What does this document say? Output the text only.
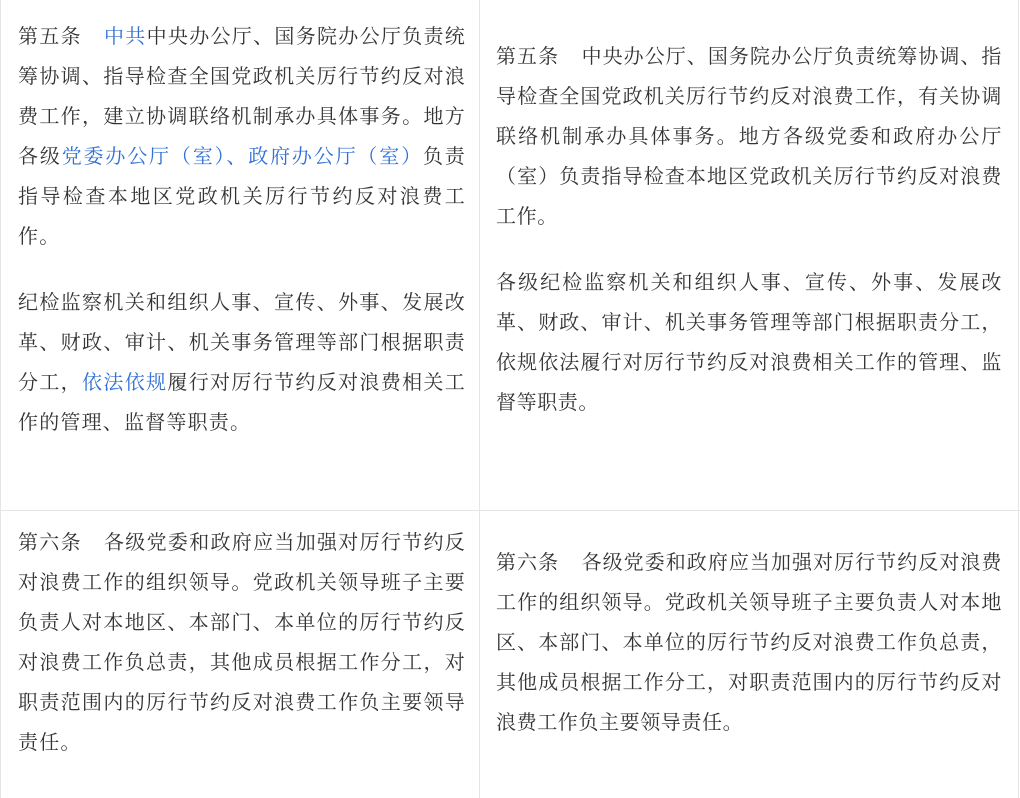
第五条 中共中央办公厅、国务院办公厅负责统筹协调、指导检查全国党政机关厉行节约反对浪费工作，建立协调联络机制承办具体事务。地方各级党委办公厅（室）、政府办公厅（室）负责指导检查本地区党政机关厉行节约反对浪费工作。

纪检监察机关和组织人事、宣传、外事、发展改革、财政、审计、机关事务管理等部门根据职责分工，依法依规履行对厉行节约反对浪费相关工作的管理、监督等职责。

第五条 中央办公厅、国务院办公厅负责统筹协调、指导检查全国党政机关厉行节约反对浪费工作，有关协调联络机制承办具体事务。地方各级党委和政府办公厅（室）负责指导检查本地区党政机关厉行节约反对浪费工作。

各级纪检监察机关和组织人事、宣传、外事、发展改革、财政、审计、机关事务管理等部门根据职责分工，依规依法履行对厉行节约反对浪费相关工作的管理、监督等职责。

第六条 各级党委和政府应当加强对厉行节约反对浪费工作的组织领导。党政机关领导班子主要负责人对本地区、本部门、本单位的厉行节约反对浪费工作负总责，其他成员根据工作分工，对职责范围内的厉行节约反对浪费工作负主要领导责任。

第六条 各级党委和政府应当加强对厉行节约反对浪费工作的组织领导。党政机关领导班子主要负责人对本地区、本部门、本单位的厉行节约反对浪费工作负总责，其他成员根据工作分工，对职责范围内的厉行节约反对浪费工作负主要领导责任。
